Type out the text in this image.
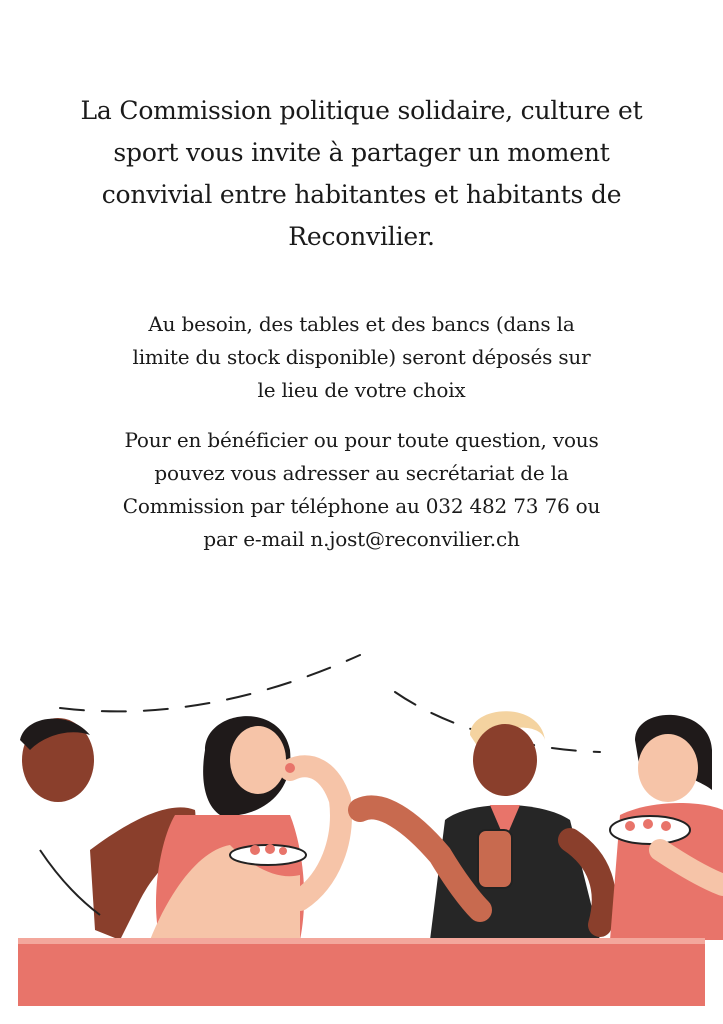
La Commission politique solidaire, culture et
sport vous invite à partager un moment
convivial entre habitantes et habitants de
Reconvilier.
Au besoin, des tables et des bancs (dans la
limite du stock disponible) seront déposés sur
le lieu de votre choix
Pour en bénéficier ou pour toute question, vous
pouvez vous adresser au secrétariat de la
Commission par téléphone au 032 482 73 76 ou
par e-mail n.jost@reconvilier.ch
